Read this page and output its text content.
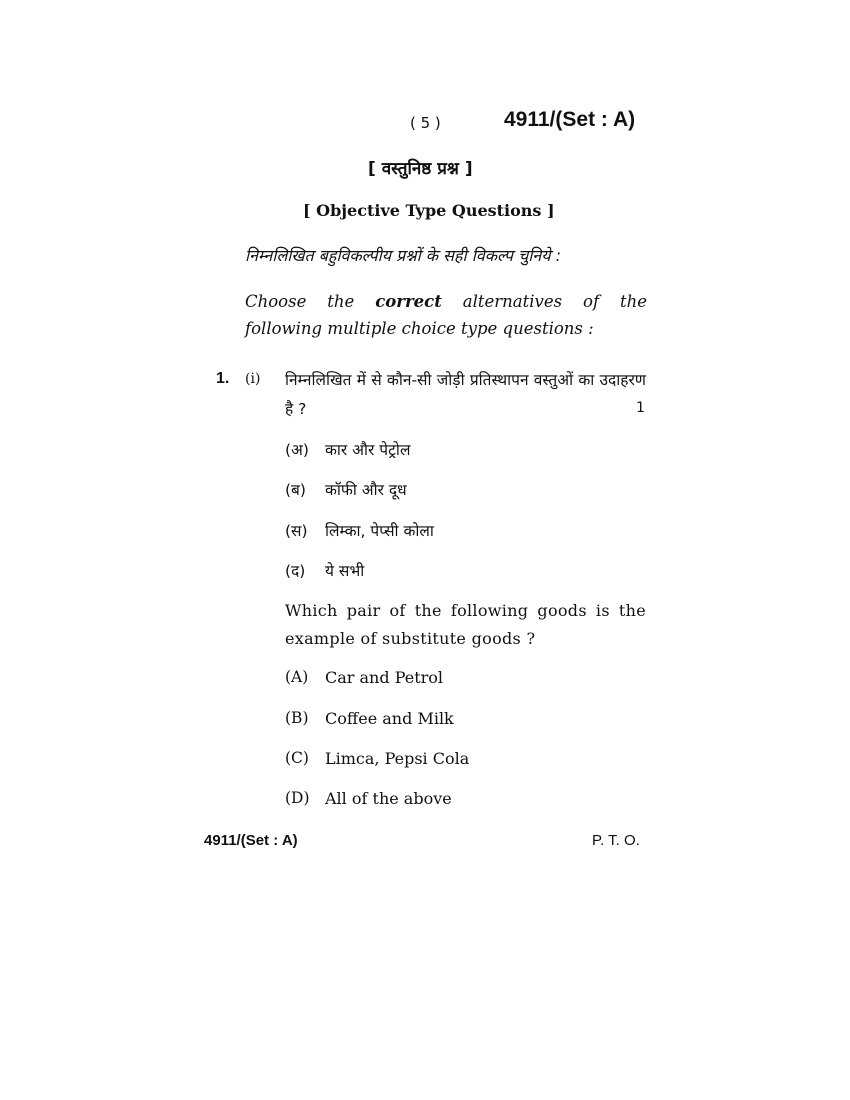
( 5 )	4911/(Set : A)
[ वस्तुनिष्ठ प्रश्न ]
[ Objective Type Questions ]
निम्नलिखित बहुविकल्पीय प्रश्नों के सही विकल्प चुनिये :
Choose the correct alternatives of the following multiple choice type questions :
1. (i) निम्नलिखित में से कौन-सी जोड़ी प्रतिस्थापन वस्तुओं का उदाहरण है ?	1
(अ) कार और पेट्रोल
(ब) कॉफी और दूध
(स) लिम्का, पेप्सी कोला
(द) ये सभी
Which pair of the following goods is the example of substitute goods ?
(A) Car and Petrol
(B) Coffee and Milk
(C) Limca, Pepsi Cola
(D) All of the above
4911/(Set : A)	P. T. O.
